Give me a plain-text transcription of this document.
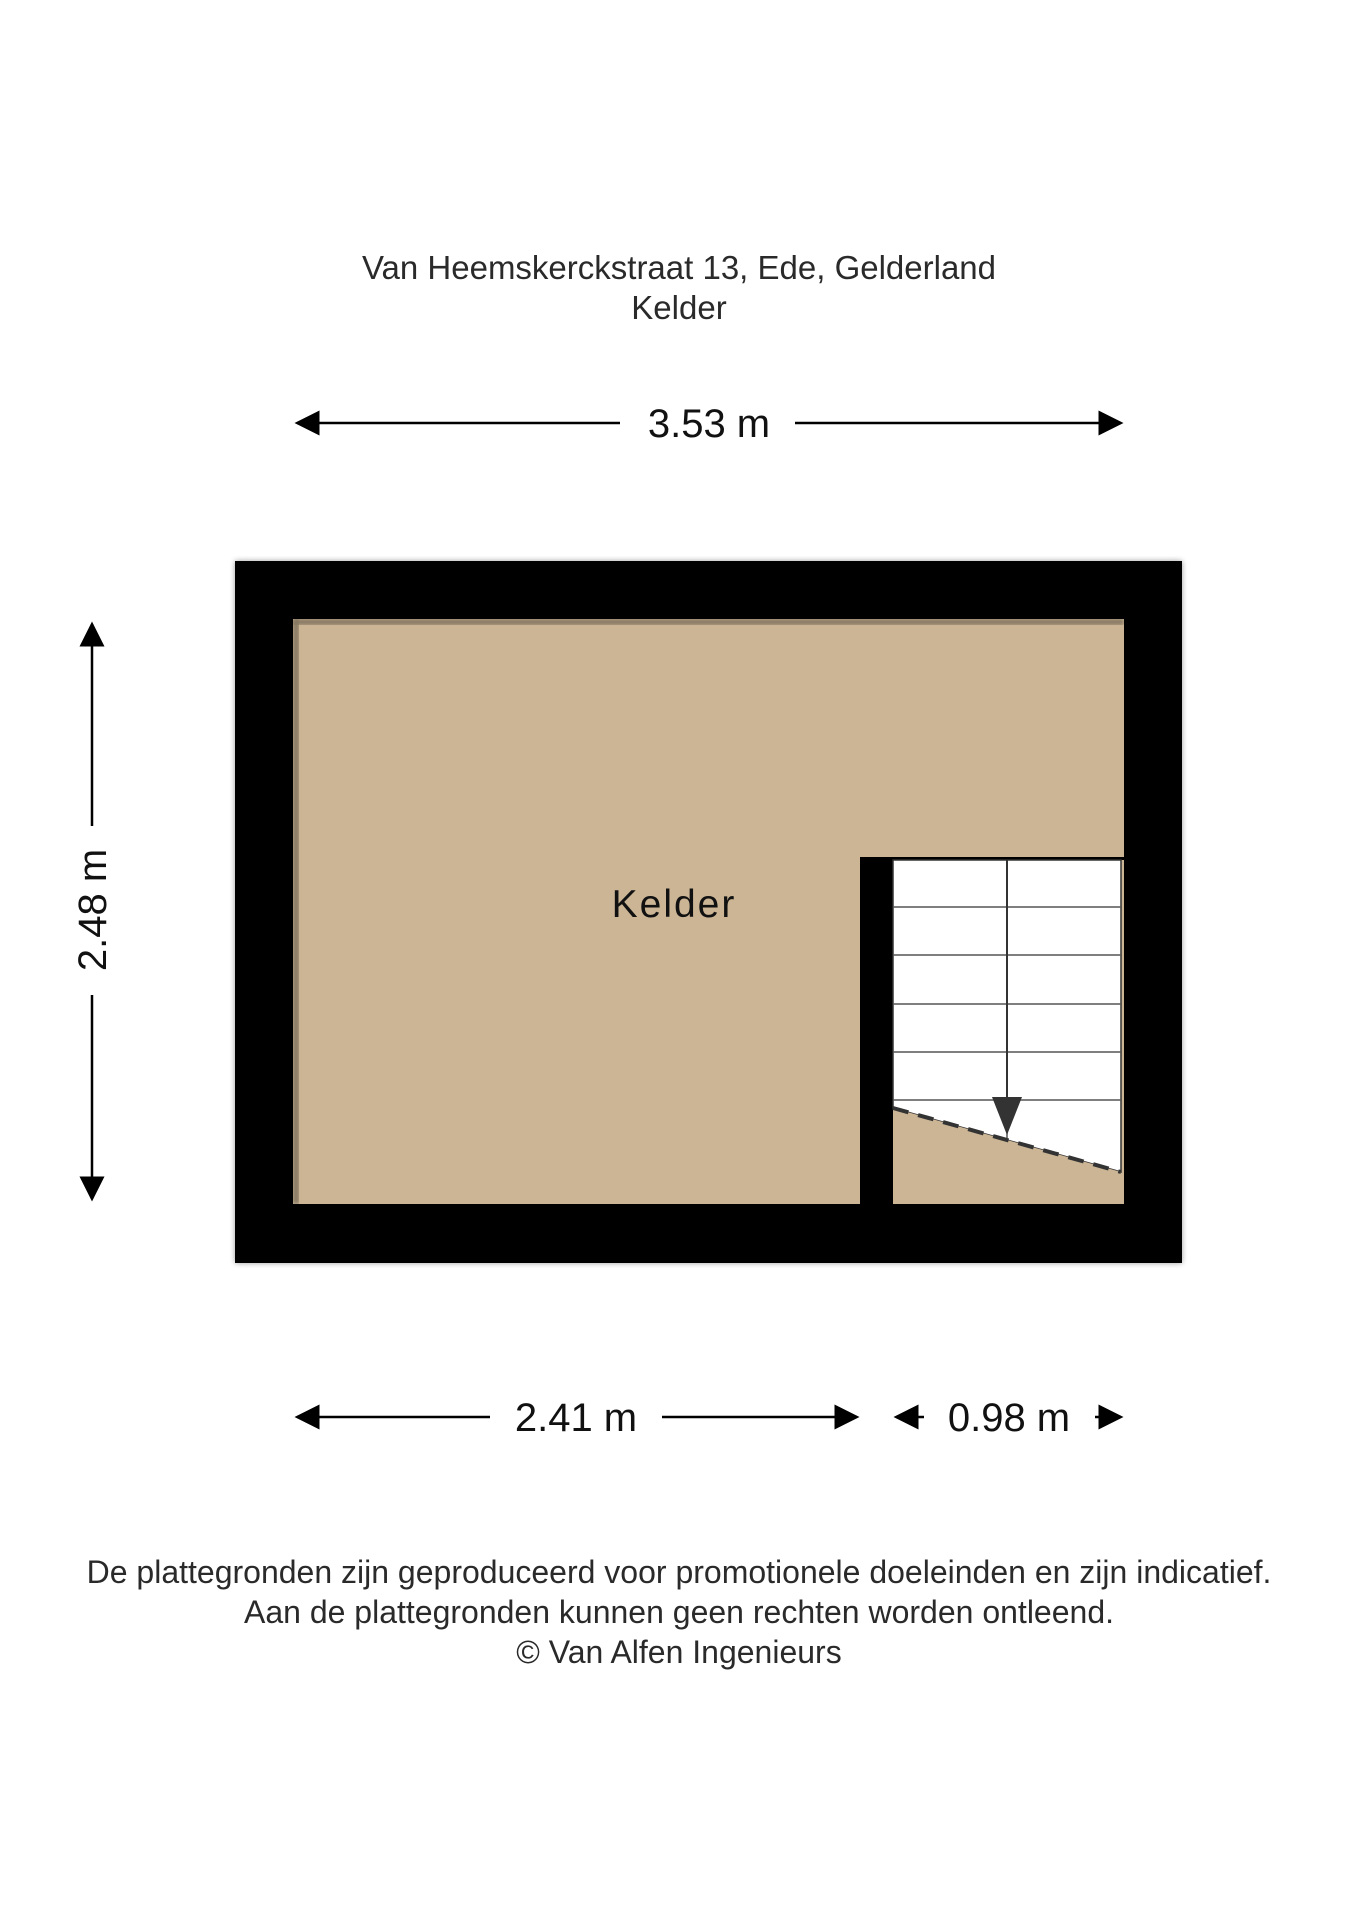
Van Heemskerckstraat 13, Ede, Gelderland
Kelder
3.53 m
2.48 m	Kelder
2.41 m	0.98 m
De plattegronden zijn geproduceerd voor promotionele doeleinden en zijn indicatief.
Aan de plattegronden kunnen geen rechten worden ontleend.
© Van Alfen Ingenieurs
